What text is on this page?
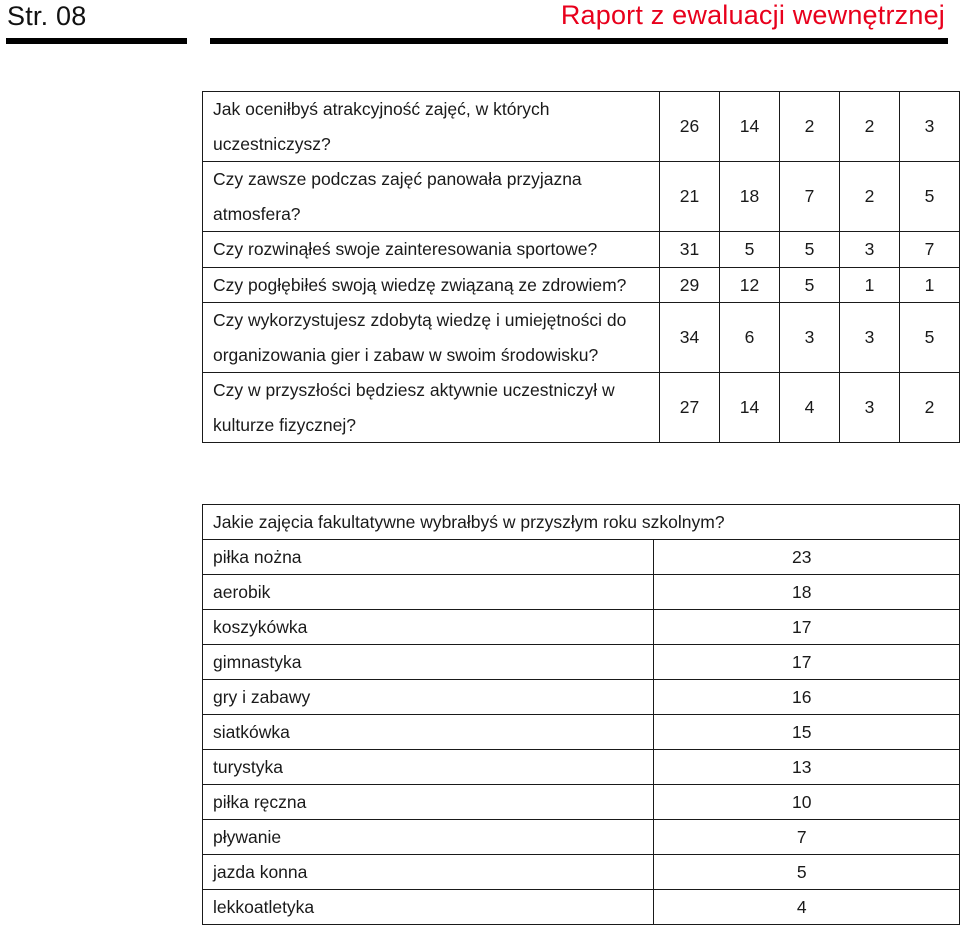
Str. 08	Raport z ewaluacji wewnętrznej
Jak oceniłbyś atrakcyjność zajęć, w których uczestniczysz?	26	14	2	2	3
Czy zawsze podczas zajęć panowała przyjazna atmosfera?	21	18	7	2	5
Czy rozwinąłeś swoje zainteresowania sportowe?	31	5	5	3	7
Czy pogłębiłeś swoją wiedzę związaną ze zdrowiem?	29	12	5	1	1
Czy wykorzystujesz zdobytą wiedzę i umiejętności do organizowania gier i zabaw w swoim środowisku?	34	6	3	3	5
Czy w przyszłości będziesz aktywnie uczestniczył w kulturze fizycznej?	27	14	4	3	2
Jakie zajęcia fakultatywne wybrałbyś w przyszłym roku szkolnym?	
piłka nożna	23
aerobik	18
koszykówka	17
gimnastyka	17
gry i zabawy	16
siatkówka	15
turystyka	13
piłka ręczna	10
pływanie	7
jazda konna	5
lekkoatletyka	4
